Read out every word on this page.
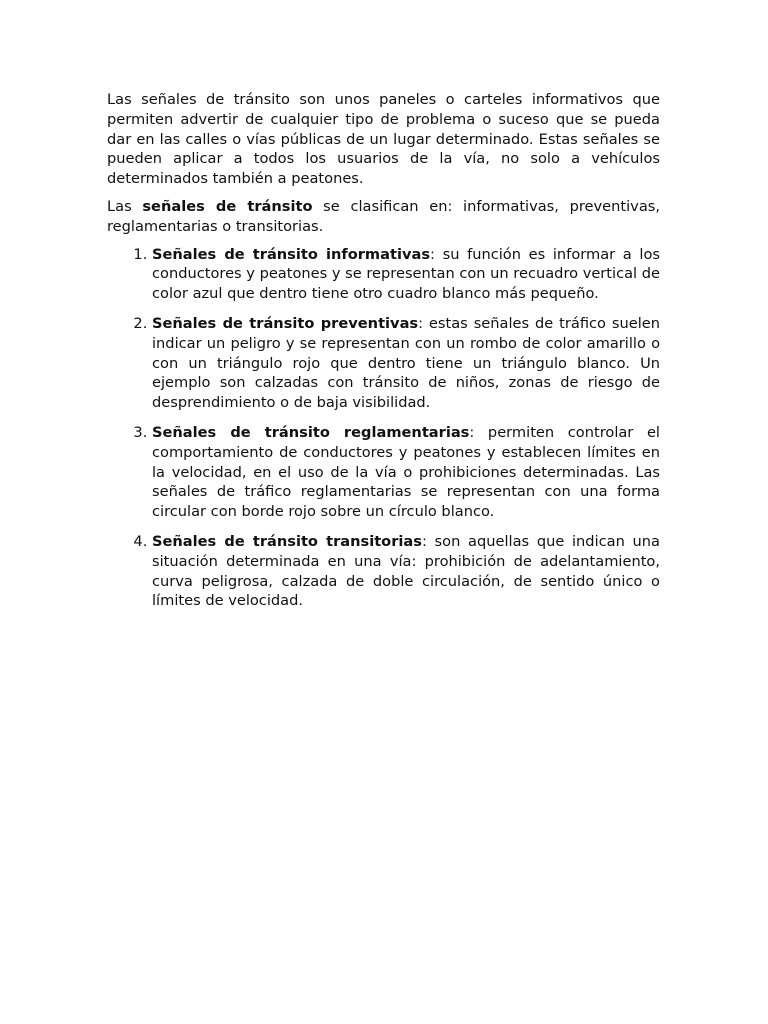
Las señales de tránsito son unos paneles o carteles informativos que permiten advertir de cualquier tipo de problema o suceso que se pueda dar en las calles o vías públicas de un lugar determinado. Estas señales se pueden aplicar a todos los usuarios de la vía, no solo a vehículos determinados también a peatones.

Las señales de tránsito se clasifican en: informativas, preventivas, reglamentarias o transitorias.

1. Señales de tránsito informativas: su función es informar a los conductores y peatones y se representan con un recuadro vertical de color azul que dentro tiene otro cuadro blanco más pequeño.
2. Señales de tránsito preventivas: estas señales de tráfico suelen indicar un peligro y se representan con un rombo de color amarillo o con un triángulo rojo que dentro tiene un triángulo blanco. Un ejemplo son calzadas con tránsito de niños, zonas de riesgo de desprendimiento o de baja visibilidad.
3. Señales de tránsito reglamentarias: permiten controlar el comportamiento de conductores y peatones y establecen límites en la velocidad, en el uso de la vía o prohibiciones determinadas. Las señales de tráfico reglamentarias se representan con una forma circular con borde rojo sobre un círculo blanco.
4. Señales de tránsito transitorias: son aquellas que indican una situación determinada en una vía: prohibición de adelantamiento, curva peligrosa, calzada de doble circulación, de sentido único o límites de velocidad.
